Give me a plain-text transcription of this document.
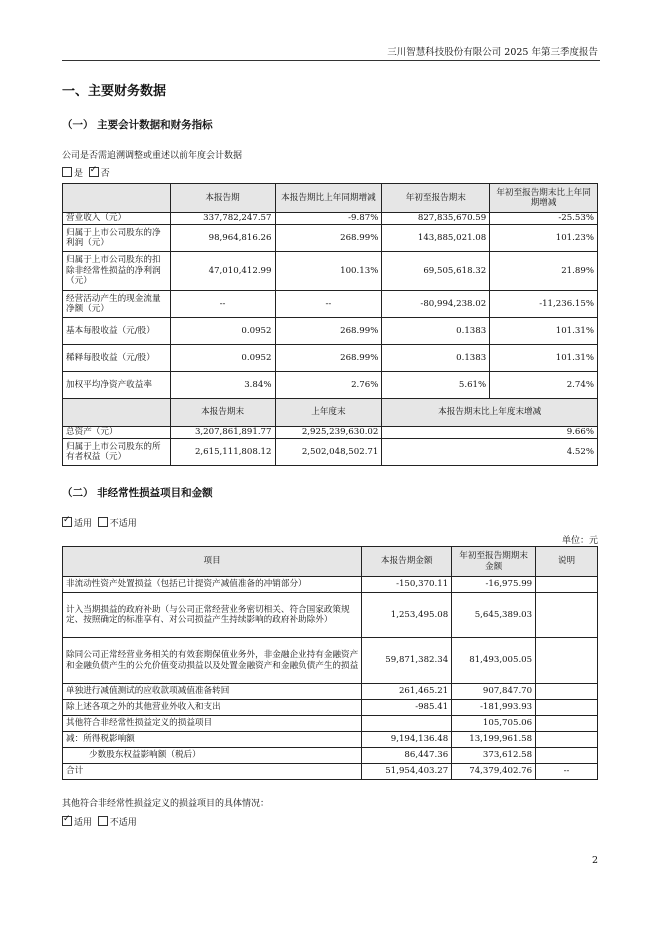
三川智慧科技股份有限公司 2025 年第三季度报告
一、主要财务数据
（一） 主要会计数据和财务指标
公司是否需追溯调整或重述以前年度会计数据
是 ✓ 否
	本报告期	本报告期比上年同期增减	年初至报告期末	年初至报告期末比上年同期增减
营业收入（元）	337,782,247.57	-9.87%	827,835,670.59	-25.53%
归属于上市公司股东的净利润（元）	98,964,816.26	268.99%	143,885,021.08	101.23%
归属于上市公司股东的扣除非经常性损益的净利润（元）	47,010,412.99	100.13%	69,505,618.32	21.89%
经营活动产生的现金流量净额（元）	--	--	-80,994,238.02	-11,236.15%
基本每股收益（元/股）	0.0952	268.99%	0.1383	101.31%
稀释每股收益（元/股）	0.0952	268.99%	0.1383	101.31%
加权平均净资产收益率	3.84%	2.76%	5.61%	2.74%
	本报告期末	上年度末	本报告期末比上年度末增减	
总资产（元）	3,207,861,891.77	2,925,239,630.02	9.66%	
归属于上市公司股东的所有者权益（元）	2,615,111,808.12	2,502,048,502.71	4.52%	
（二） 非经常性损益项目和金额
✓适用 不适用
单位：元
项目	本报告期金额	年初至报告期期末金额	说明
非流动性资产处置损益（包括已计提资产减值准备的冲销部分）	-150,370.11	-16,975.99	
计入当期损益的政府补助（与公司正常经营业务密切相关、符合国家政策规定、按照确定的标准享有、对公司损益产生持续影响的政府补助除外）	1,253,495.08	5,645,389.03	
除同公司正常经营业务相关的有效套期保值业务外，非金融企业持有金融资产和金融负债产生的公允价值变动损益以及处置金融资产和金融负债产生的损益	59,871,382.34	81,493,005.05	
单独进行减值测试的应收款项减值准备转回	261,465.21	907,847.70	
除上述各项之外的其他营业外收入和支出	-985.41	-181,993.93	
其他符合非经常性损益定义的损益项目		105,705.06	
减：所得税影响额	9,194,136.48	13,199,961.58	
少数股东权益影响额（税后）	86,447.36	373,612.58	
合计	51,954,403.27	74,379,402.76	--
其他符合非经常性损益定义的损益项目的具体情况：
✓适用 不适用
2
